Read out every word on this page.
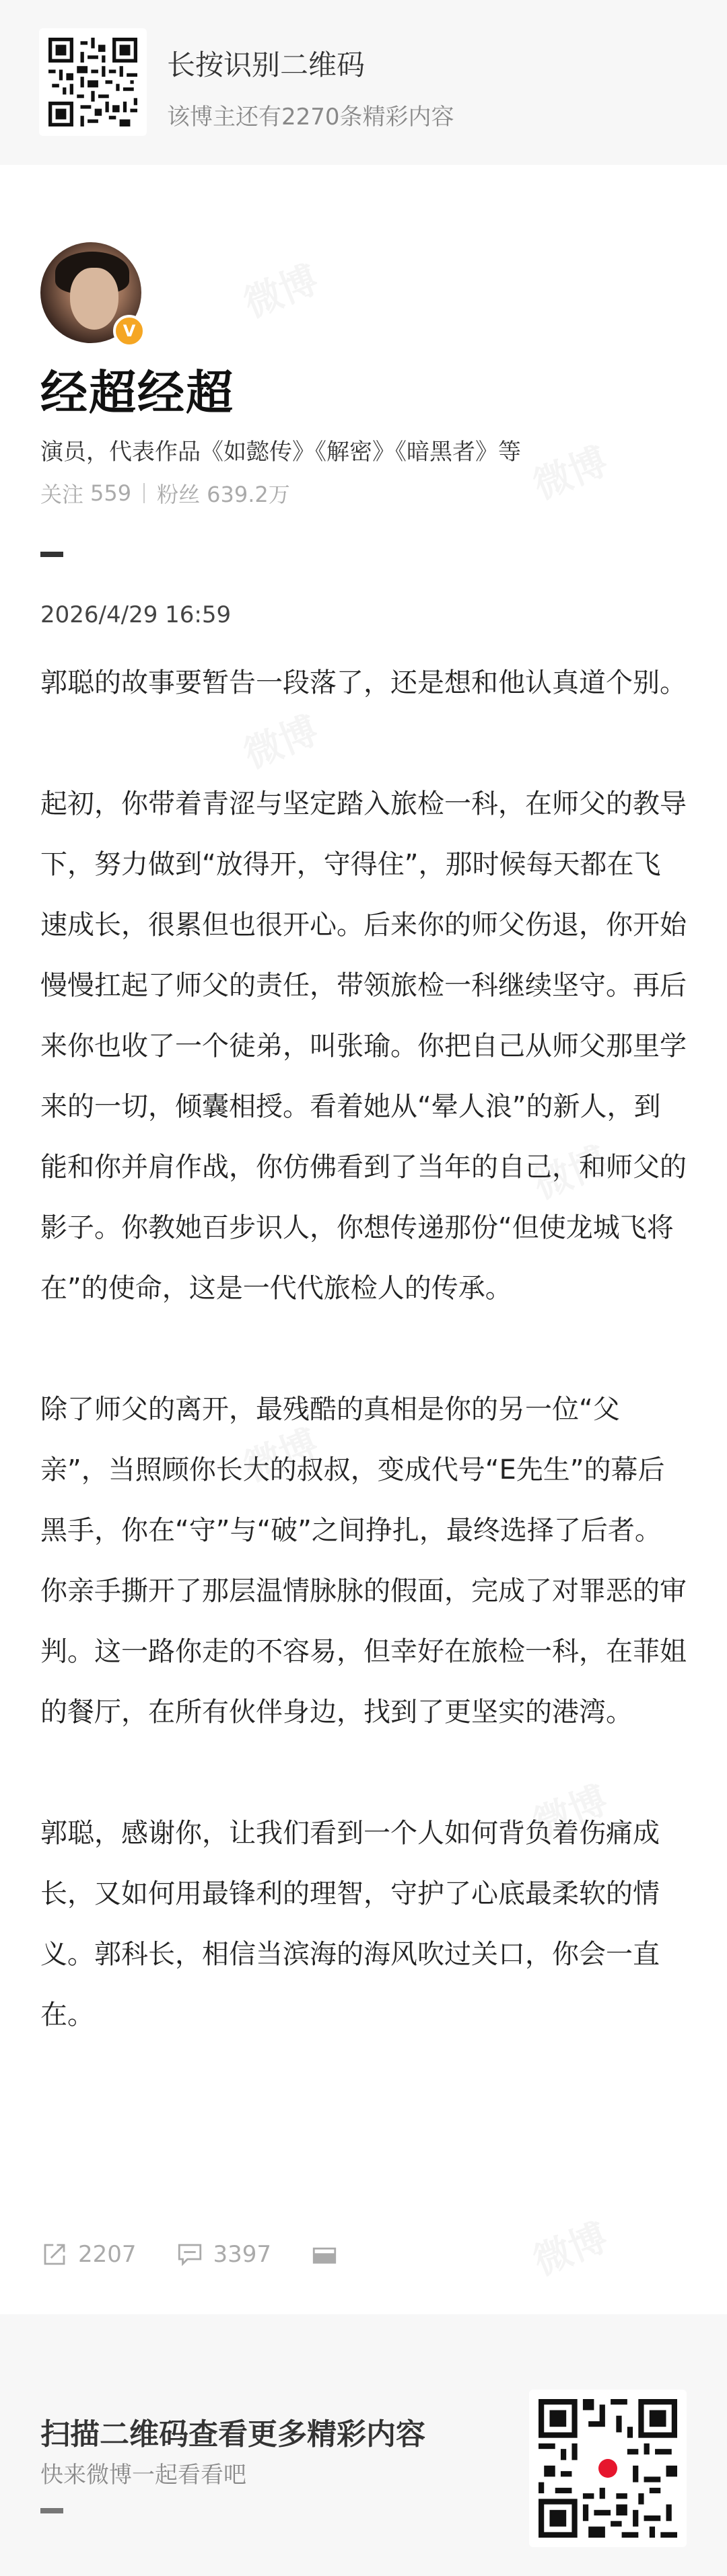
长按识别二维码
该博主还有2270条精彩内容
V
经超经超
演员，代表作品《如懿传》《解密》《暗黑者》等
关注 559 粉丝 639.2万
2026/4/29 16:59

郭聪的故事要暂告一段落了，还是想和他认真道个别。

起初，你带着青涩与坚定踏入旅检一科，在师父的教导下，努力做到“放得开，守得住”，那时候每天都在飞速成长，很累但也很开心。后来你的师父伤退，你开始慢慢扛起了师父的责任，带领旅检一科继续坚守。再后来你也收了一个徒弟，叫张瑜。你把自己从师父那里学来的一切，倾囊相授。看着她从“晕人浪”的新人，到能和你并肩作战，你仿佛看到了当年的自己，和师父的影子。你教她百步识人，你想传递那份“但使龙城飞将在”的使命，这是一代代旅检人的传承。

除了师父的离开，最残酷的真相是你的另一位“父亲”，当照顾你长大的叔叔，变成代号“E先生”的幕后黑手，你在“守”与“破”之间挣扎，最终选择了后者。你亲手撕开了那层温情脉脉的假面，完成了对罪恶的审判。这一路你走的不容易，但幸好在旅检一科，在菲姐的餐厅，在所有伙伴身边，找到了更坚实的港湾。

郭聪，感谢你，让我们看到一个人如何背负着伤痛成长，又如何用最锋利的理智，守护了心底最柔软的情义。郭科长，相信当滨海的海风吹过关口，你会一直在。

2207	3397
扫描二维码查看更多精彩内容
快来微博一起看看吧
